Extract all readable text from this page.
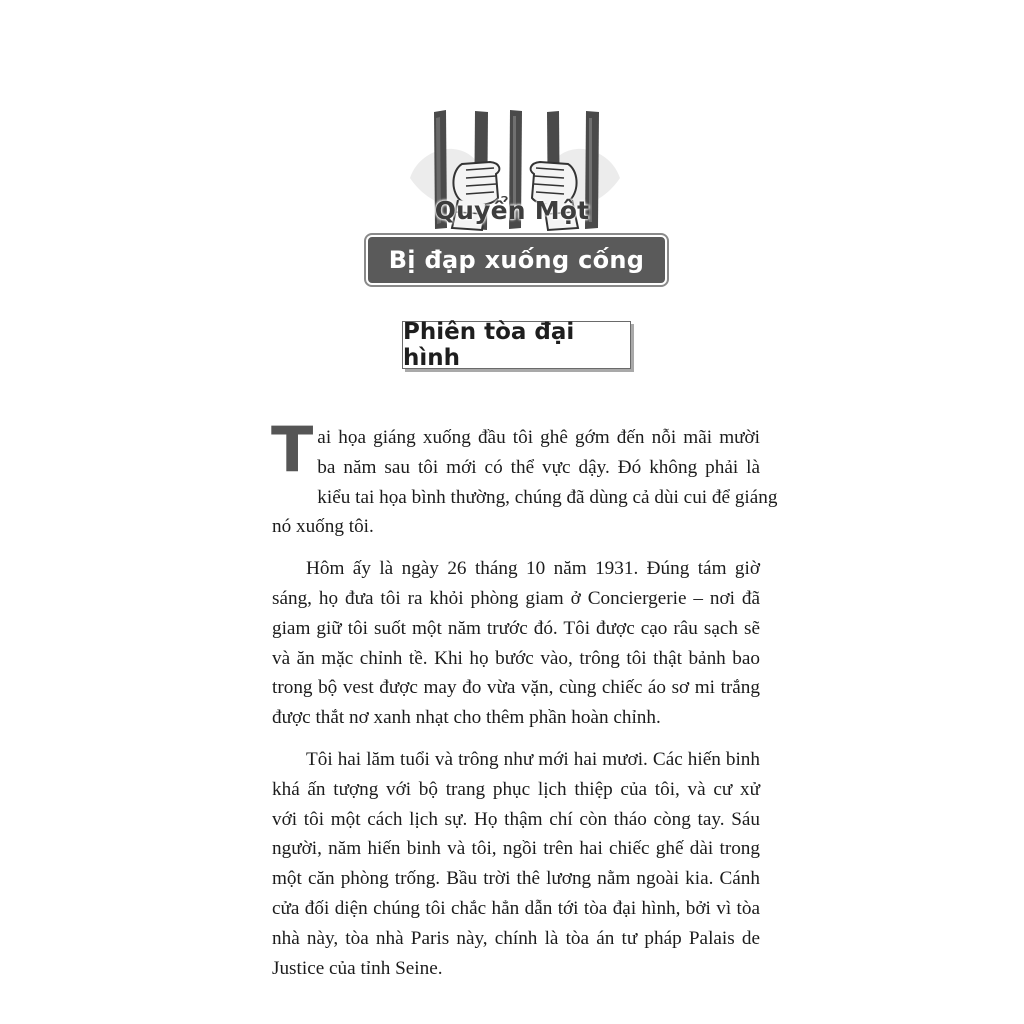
Quyển Một
Bị đạp xuống cống
Phiên tòa đại hình
T ai họa giáng xuống đầu tôi ghê gớm đến nỗi mãi mười
ba năm sau tôi mới có thể vực dậy. Đó không phải là
kiểu tai họa bình thường, chúng đã dùng cả dùi cui để giáng
nó xuống tôi.
Hôm ấy là ngày 26 tháng 10 năm 1931. Đúng tám giờ
sáng, họ đưa tôi ra khỏi phòng giam ở Conciergerie – nơi đã
giam giữ tôi suốt một năm trước đó. Tôi được cạo râu sạch sẽ
và ăn mặc chỉnh tề. Khi họ bước vào, trông tôi thật bảnh bao
trong bộ vest được may đo vừa vặn, cùng chiếc áo sơ mi trắng
được thắt nơ xanh nhạt cho thêm phần hoàn chỉnh.
Tôi hai lăm tuổi và trông như mới hai mươi. Các hiến binh
khá ấn tượng với bộ trang phục lịch thiệp của tôi, và cư xử
với tôi một cách lịch sự. Họ thậm chí còn tháo còng tay. Sáu
người, năm hiến binh và tôi, ngồi trên hai chiếc ghế dài trong
một căn phòng trống. Bầu trời thê lương nằm ngoài kia. Cánh
cửa đối diện chúng tôi chắc hẳn dẫn tới tòa đại hình, bởi vì tòa
nhà này, tòa nhà Paris này, chính là tòa án tư pháp Palais de
Justice của tỉnh Seine.
